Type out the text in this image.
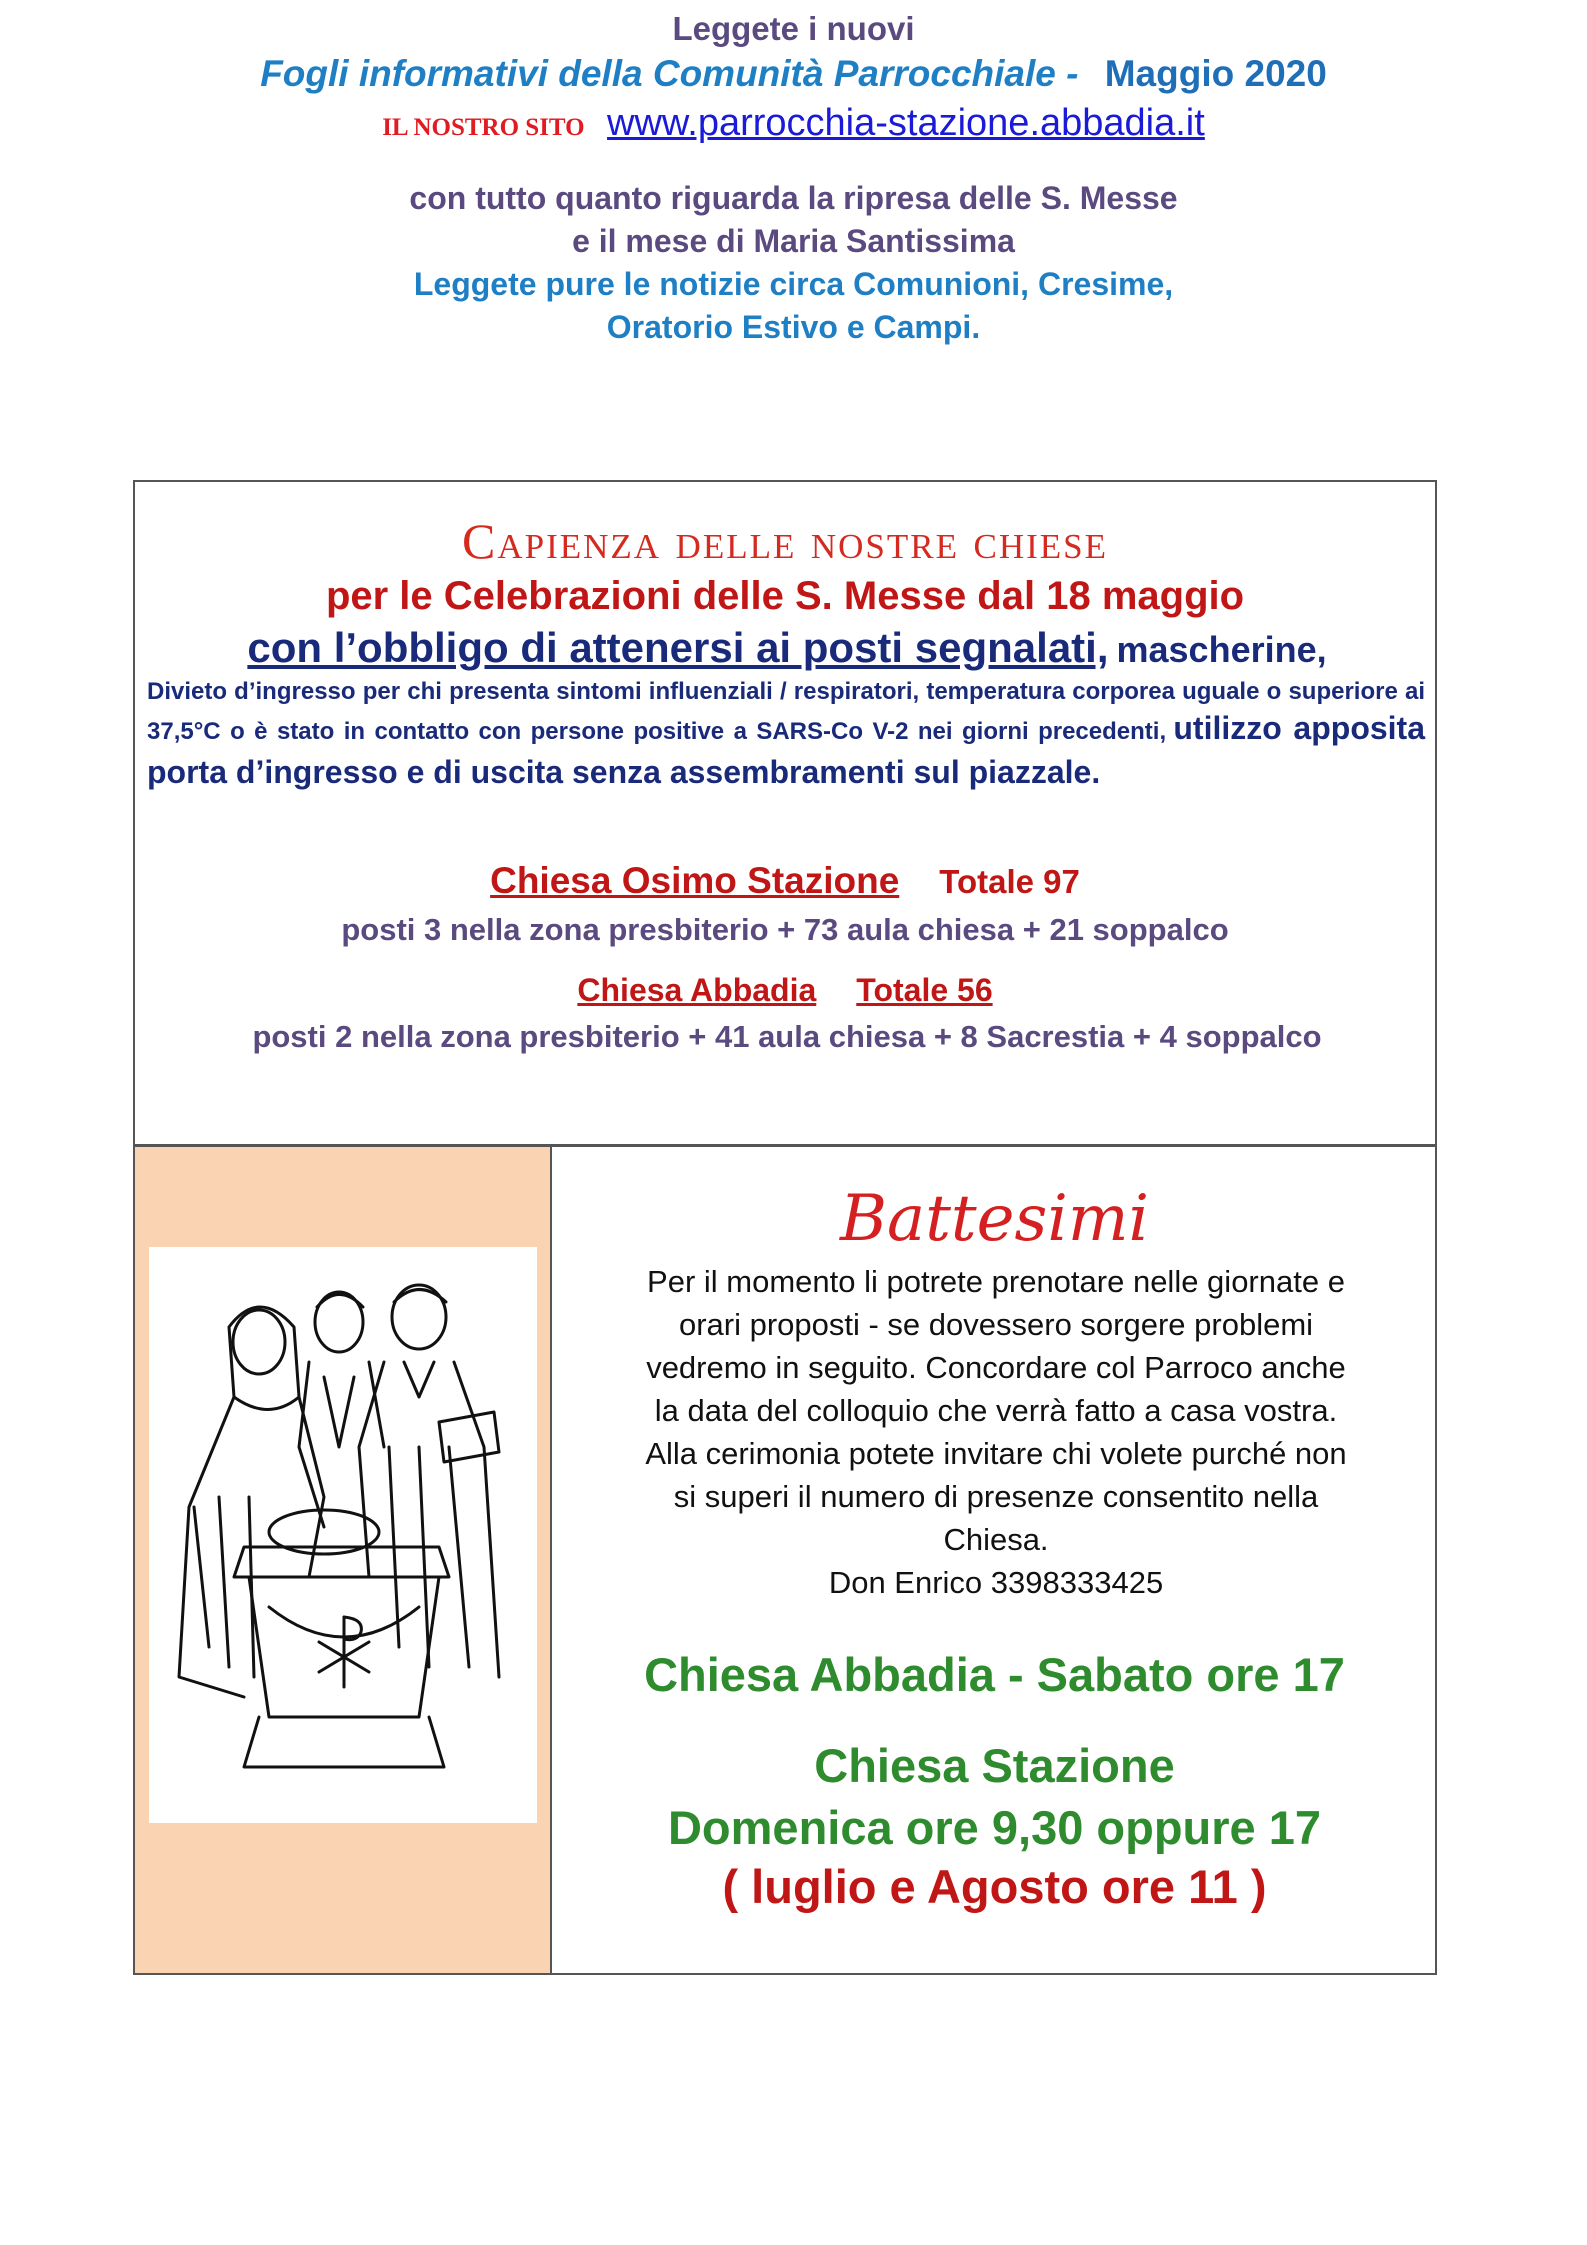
Leggete i nuovi
Fogli informativi della Comunità Parrocchiale - Maggio 2020
IL NOSTRO SITO www.parrocchia-stazione.abbadia.it
con tutto quanto riguarda la ripresa delle S. Messe
e il mese di Maria Santissima
Leggete pure le notizie circa Comunioni, Cresime,
Oratorio Estivo e Campi.
Capienza delle nostre chiese
per le Celebrazioni delle S. Messe dal 18 maggio
con l’obbligo di attenersi ai posti segnalati, mascherine,
Divieto d’ingresso per chi presenta sintomi influenziali / respiratori, temperatura corporea uguale o superiore ai 37,5°C o è stato in contatto con persone positive a SARS-Co V-2 nei giorni precedenti, utilizzo apposita porta d’ingresso e di uscita senza assembramenti sul piazzale.
Chiesa Osimo Stazione Totale 97
posti 3 nella zona presbiterio + 73 aula chiesa + 21 soppalco
Chiesa Abbadia Totale 56
posti 2 nella zona presbiterio + 41 aula chiesa + 8 Sacrestia + 4 soppalco
Battesimi
Per il momento li potrete prenotare nelle giornate e
orari proposti - se dovessero sorgere problemi
vedremo in seguito. Concordare col Parroco anche
la data del colloquio che verrà fatto a casa vostra.
Alla cerimonia potete invitare chi volete purché non
si superi il numero di presenze consentito nella
Chiesa.
Don Enrico 3398333425
Chiesa Abbadia - Sabato ore 17
Chiesa Stazione
Domenica ore 9,30 oppure 17
( luglio e Agosto ore 11 )
